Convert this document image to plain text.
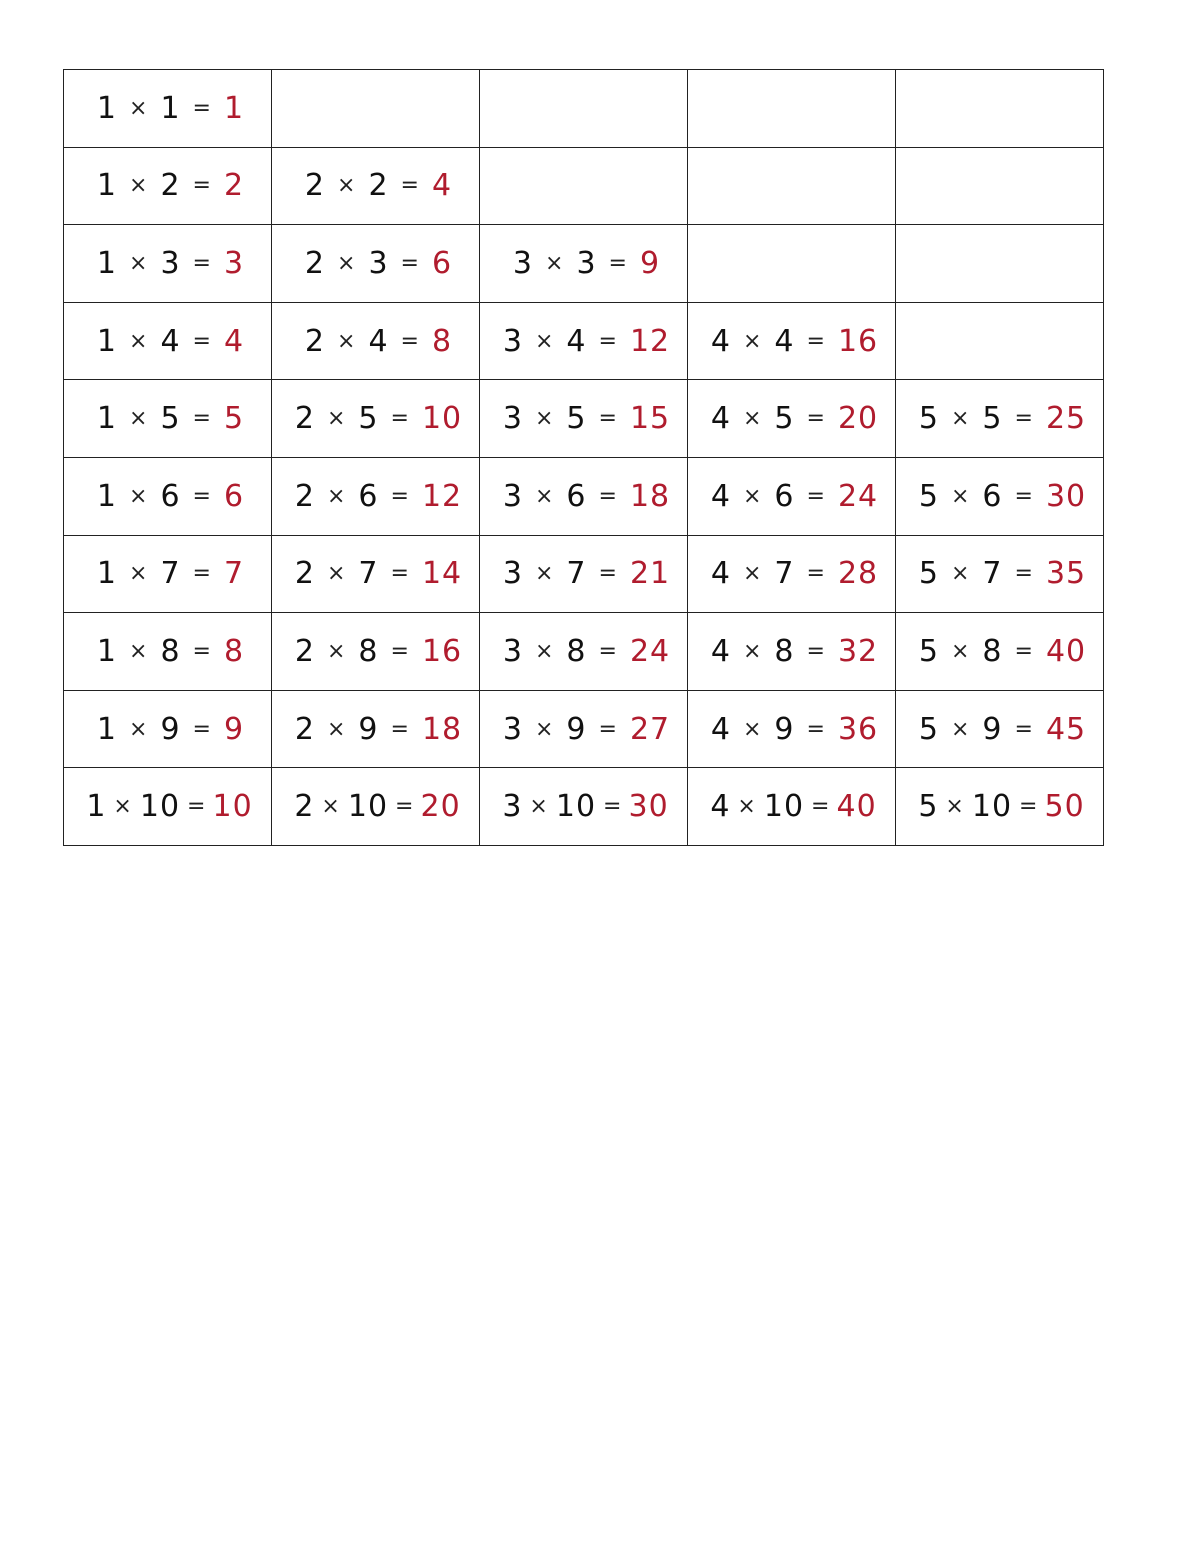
1 × 1 = 1				
1 × 2 = 2	2 × 2 = 4			
1 × 3 = 3	2 × 3 = 6	3 × 3 = 9		
1 × 4 = 4	2 × 4 = 8	3 × 4 = 12	4 × 4 = 16	
1 × 5 = 5	2 × 5 = 10	3 × 5 = 15	4 × 5 = 20	5 × 5 = 25
1 × 6 = 6	2 × 6 = 12	3 × 6 = 18	4 × 6 = 24	5 × 6 = 30
1 × 7 = 7	2 × 7 = 14	3 × 7 = 21	4 × 7 = 28	5 × 7 = 35
1 × 8 = 8	2 × 8 = 16	3 × 8 = 24	4 × 8 = 32	5 × 8 = 40
1 × 9 = 9	2 × 9 = 18	3 × 9 = 27	4 × 9 = 36	5 × 9 = 45
1 × 10 = 10	2 × 10 = 20	3 × 10 = 30	4 × 10 = 40	5 × 10 = 50
